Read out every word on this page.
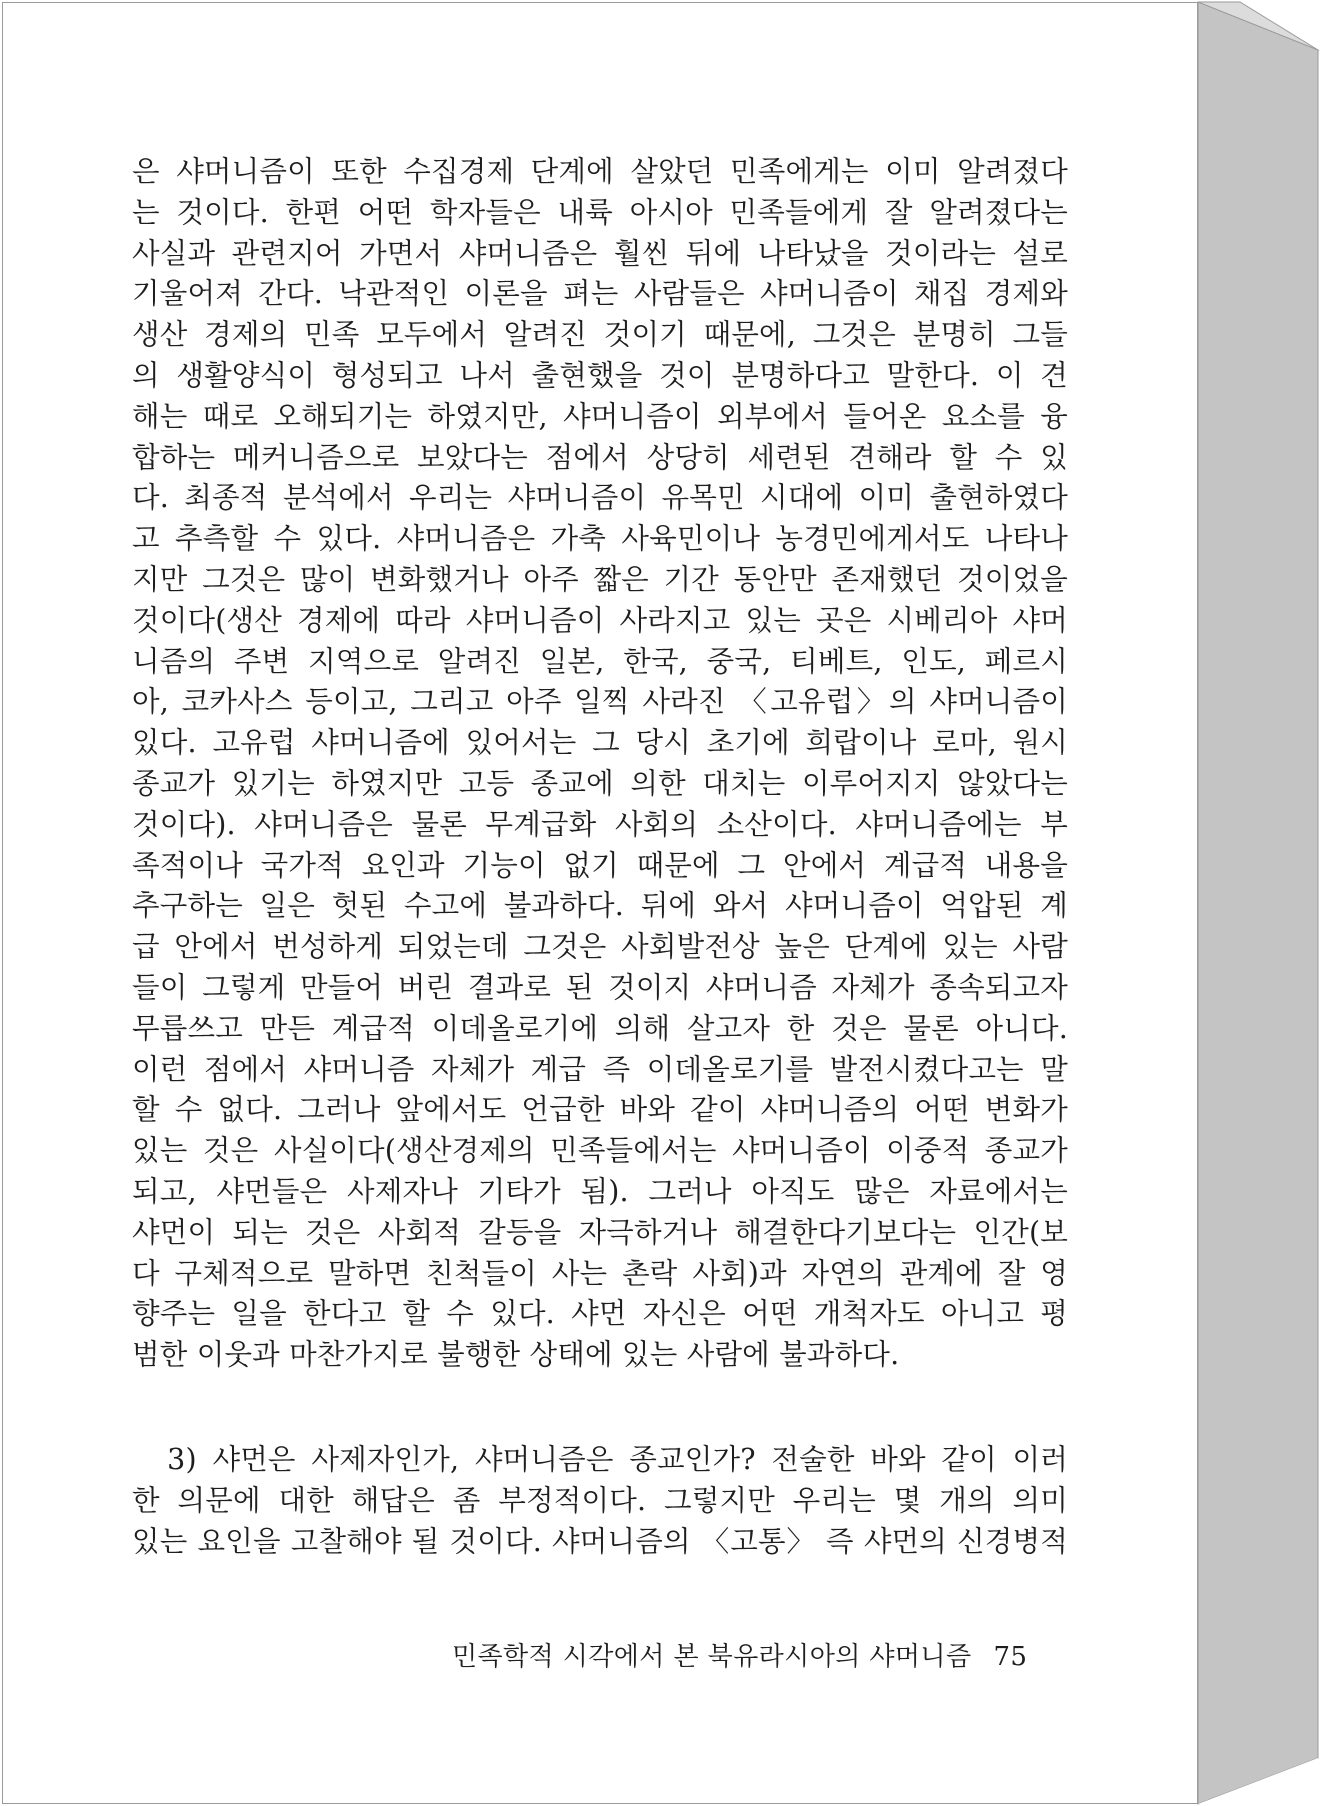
은 샤머니즘이 또한 수집경제 단계에 살았던 민족에게는 이미 알려졌다
는 것이다. 한편 어떤 학자들은 내륙 아시아 민족들에게 잘 알려졌다는
사실과 관련지어 가면서 샤머니즘은 훨씬 뒤에 나타났을 것이라는 설로
기울어져 간다. 낙관적인 이론을 펴는 사람들은 샤머니즘이 채집 경제와
생산 경제의 민족 모두에서 알려진 것이기 때문에, 그것은 분명히 그들
의 생활양식이 형성되고 나서 출현했을 것이 분명하다고 말한다. 이 견
해는 때로 오해되기는 하였지만, 샤머니즘이 외부에서 들어온 요소를 융
합하는 메커니즘으로 보았다는 점에서 상당히 세련된 견해라 할 수 있
다. 최종적 분석에서 우리는 샤머니즘이 유목민 시대에 이미 출현하였다
고 추측할 수 있다. 샤머니즘은 가축 사육민이나 농경민에게서도 나타나
지만 그것은 많이 변화했거나 아주 짧은 기간 동안만 존재했던 것이었을
것이다(생산 경제에 따라 샤머니즘이 사라지고 있는 곳은 시베리아 샤머
니즘의 주변 지역으로 알려진 일본, 한국, 중국, 티베트, 인도, 페르시
아, 코카사스 등이고, 그리고 아주 일찍 사라진 〈고유럽〉의 샤머니즘이
있다. 고유럽 샤머니즘에 있어서는 그 당시 초기에 희랍이나 로마, 원시
종교가 있기는 하였지만 고등 종교에 의한 대치는 이루어지지 않았다는
것이다). 샤머니즘은 물론 무계급화 사회의 소산이다. 샤머니즘에는 부
족적이나 국가적 요인과 기능이 없기 때문에 그 안에서 계급적 내용을
추구하는 일은 헛된 수고에 불과하다. 뒤에 와서 샤머니즘이 억압된 계
급 안에서 번성하게 되었는데 그것은 사회발전상 높은 단계에 있는 사람
들이 그렇게 만들어 버린 결과로 된 것이지 샤머니즘 자체가 종속되고자
무릅쓰고 만든 계급적 이데올로기에 의해 살고자 한 것은 물론 아니다.
이런 점에서 샤머니즘 자체가 계급 즉 이데올로기를 발전시켰다고는 말
할 수 없다. 그러나 앞에서도 언급한 바와 같이 샤머니즘의 어떤 변화가
있는 것은 사실이다(생산경제의 민족들에서는 샤머니즘이 이중적 종교가
되고, 샤먼들은 사제자나 기타가 됨). 그러나 아직도 많은 자료에서는
샤먼이 되는 것은 사회적 갈등을 자극하거나 해결한다기보다는 인간(보
다 구체적으로 말하면 친척들이 사는 촌락 사회)과 자연의 관계에 잘 영
향주는 일을 한다고 할 수 있다. 샤먼 자신은 어떤 개척자도 아니고 평
범한 이웃과 마찬가지로 불행한 상태에 있는 사람에 불과하다.
　3) 샤먼은 사제자인가, 샤머니즘은 종교인가? 전술한 바와 같이 이러
한 의문에 대한 해답은 좀 부정적이다. 그렇지만 우리는 몇 개의 의미
있는 요인을 고찰해야 될 것이다. 샤머니즘의 〈고통〉 즉 샤먼의 신경병적
민족학적 시각에서 본 북유라시아의 샤머니즘 75
